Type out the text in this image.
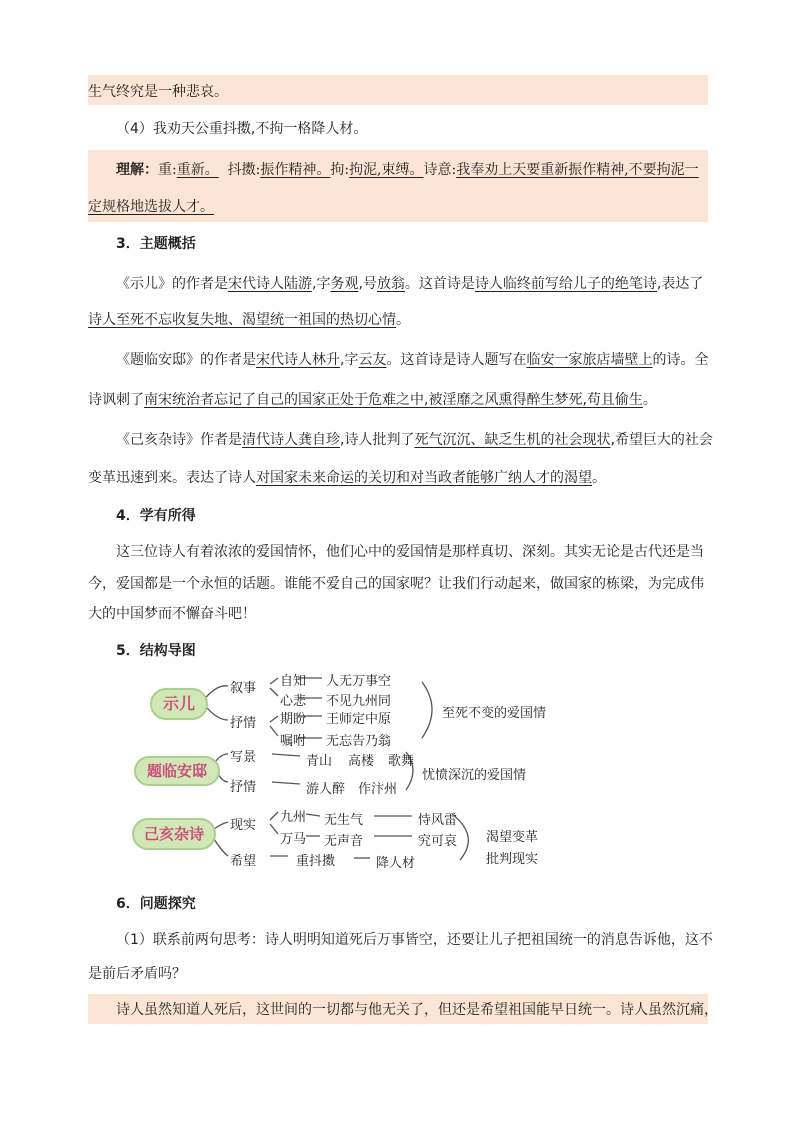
生气终究是一种悲哀。
（4）我劝天公重抖擞,不拘一格降人材。
理解：重:重新。  抖擞:振作精神。拘:拘泥,束缚。诗意:我奉劝上天要重新振作精神,不要拘泥一
定规格地选拔人才。
3．主题概括
《示儿》的作者是宋代诗人陆游,字务观,号放翁。这首诗是诗人临终前写给儿子的绝笔诗,表达了
诗人至死不忘收复失地、渴望统一祖国的热切心情。
《题临安邸》的作者是宋代诗人林升,字云友。这首诗是诗人题写在临安一家旅店墙壁上的诗。全
诗讽刺了南宋统治者忘记了自己的国家正处于危难之中,被淫靡之风熏得醉生梦死,苟且偷生。
《己亥杂诗》作者是清代诗人龚自珍,诗人批判了死气沉沉、缺乏生机的社会现状,希望巨大的社会
变革迅速到来。表达了诗人对国家未来命运的关切和对当政者能够广纳人才的渴望。
4．学有所得
这三位诗人有着浓浓的爱国情怀，他们心中的爱国情是那样真切、深刻。其实无论是古代还是当
今，爱国都是一个永恒的话题。谁能不爱自己的国家呢？让我们行动起来，做国家的栋梁，为完成伟
大的中国梦而不懈奋斗吧！
5．结构导图
示儿
叙事
抒情
自知
心悲
期盼
嘱咐
人无万事空
不见九州同
王师定中原
无忘告乃翁
至死不变的爱国情
题临安邸
写景
抒情
青山 高楼 歌舞
游人醉 作汴州
忧愤深沉的爱国情
己亥杂诗	现实
希望
九州
万马
无生气
无声音
恃风雷
究可哀
重抖擞	降人材
渴望变革
批判现实
6．问题探究
（1）联系前两句思考：诗人明明知道死后万事皆空，还要让儿子把祖国统一的消息告诉他，这不
是前后矛盾吗？
诗人虽然知道人死后，这世间的一切都与他无关了，但还是希望祖国能早日统一。诗人虽然沉痛，
